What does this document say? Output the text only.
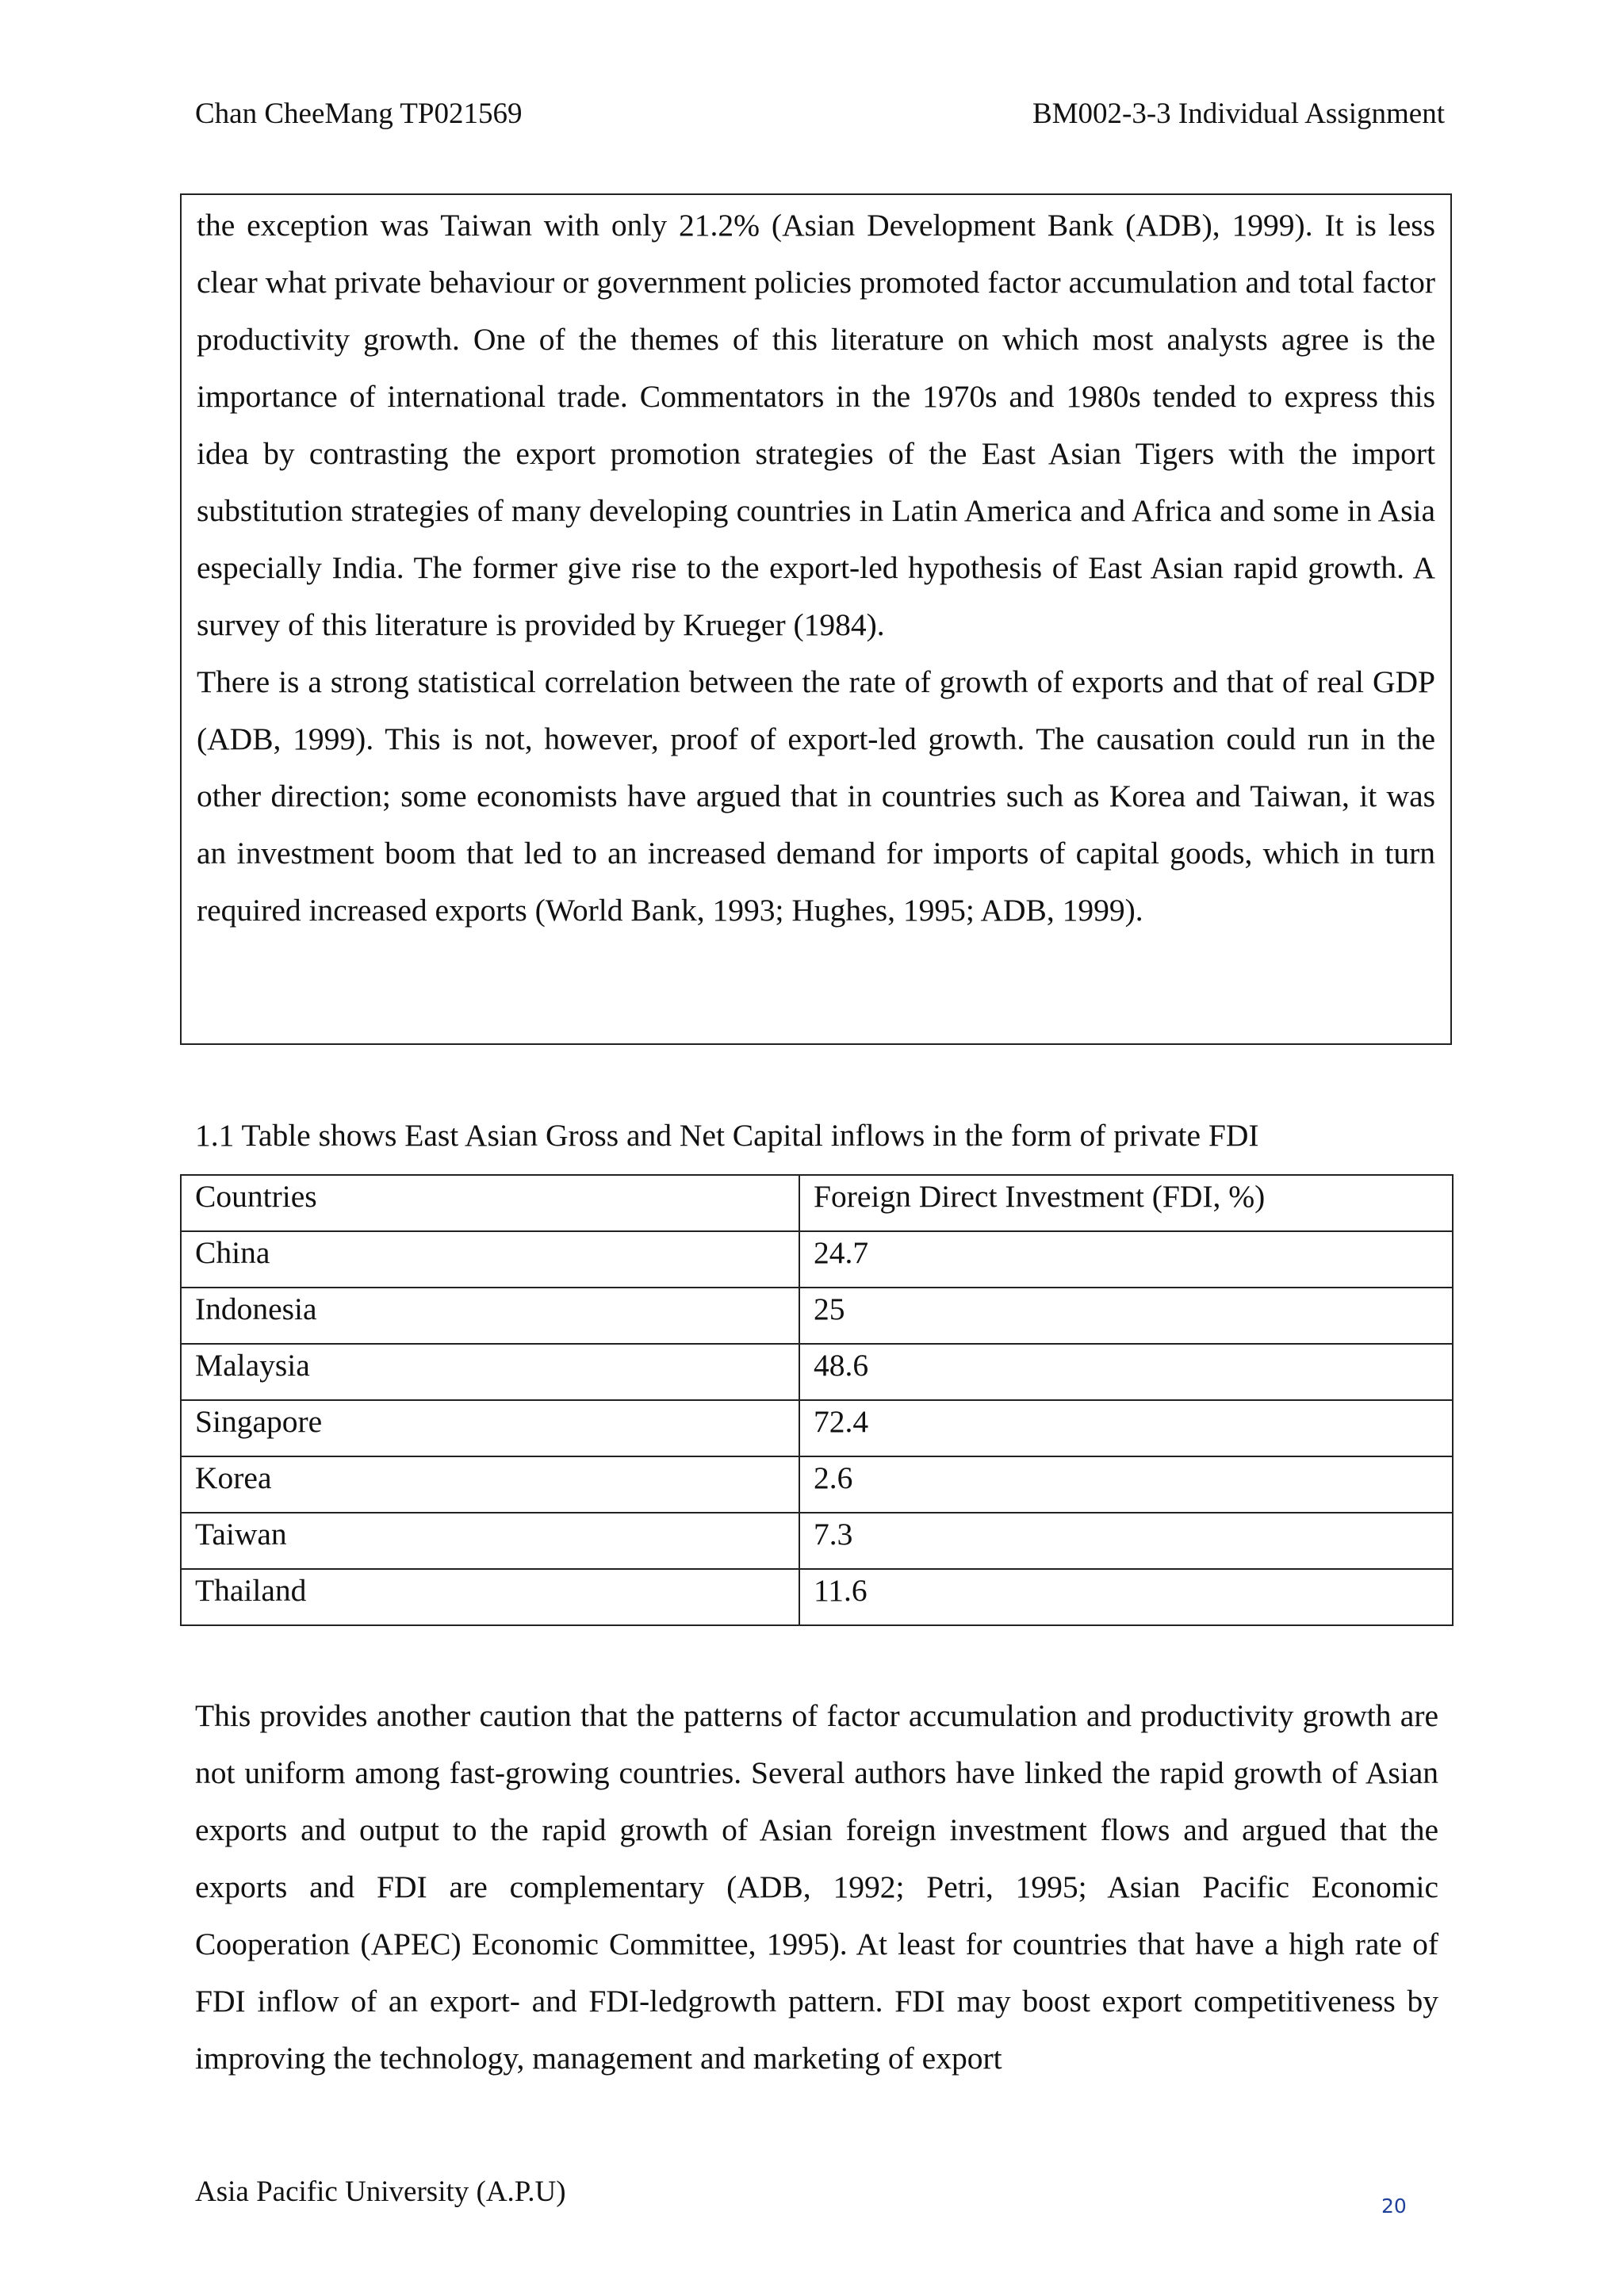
Chan CheeMang TP021569	BM002-3-3 Individual Assignment

the exception was Taiwan with only 21.2% (Asian Development Bank (ADB), 1999). It is less clear what private behaviour or government policies promoted factor accumulation and total factor productivity growth. One of the themes of this literature on which most analysts agree is the importance of international trade. Commentators in the 1970s and 1980s tended to express this idea by contrasting the export promotion strategies of the East Asian Tigers with the import substitution strategies of many developing countries in Latin America and Africa and some in Asia especially India. The former give rise to the export-led hypothesis of East Asian rapid growth. A survey of this literature is provided by Krueger (1984).

There is a strong statistical correlation between the rate of growth of exports and that of real GDP (ADB, 1999). This is not, however, proof of export-led growth. The causation could run in the other direction; some economists have argued that in countries such as Korea and Taiwan, it was an investment boom that led to an increased demand for imports of capital goods, which in turn required increased exports (World Bank, 1993; Hughes, 1995; ADB, 1999).

1.1 Table shows East Asian Gross and Net Capital inflows in the form of private FDI
Countries	Foreign Direct Investment (FDI, %)
China	24.7
Indonesia	25
Malaysia	48.6
Singapore	72.4
Korea	2.6
Taiwan	7.3
Thailand	11.6

This provides another caution that the patterns of factor accumulation and productivity growth are not uniform among fast-growing countries. Several authors have linked the rapid growth of Asian exports and output to the rapid growth of Asian foreign investment flows and argued that the exports and FDI are complementary (ADB, 1992; Petri, 1995; Asian Pacific Economic Cooperation (APEC) Economic Committee, 1995). At least for countries that have a high rate of FDI inflow of an export- and FDI-ledgrowth pattern. FDI may boost export competitiveness by improving the technology, management and marketing of export

Asia Pacific University (A.P.U)	20
